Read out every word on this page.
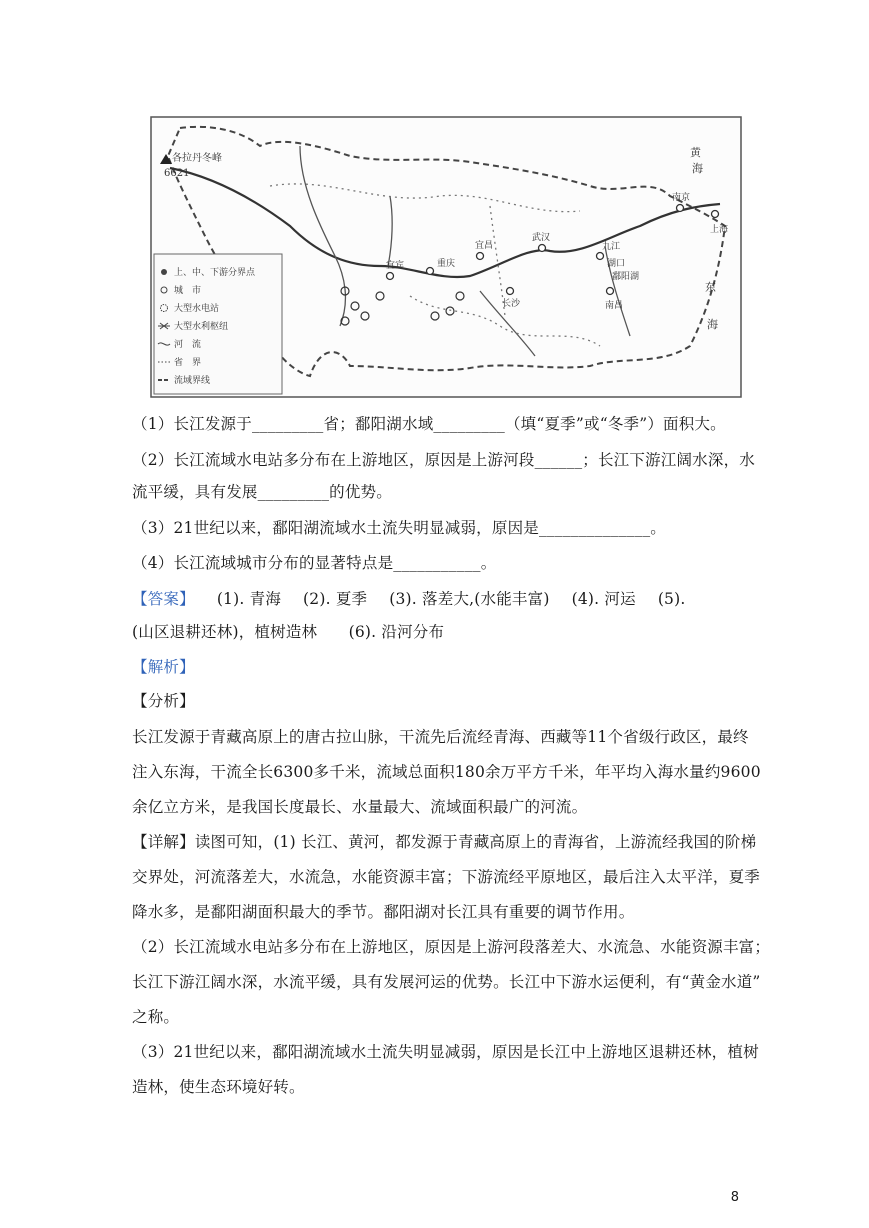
各拉丹冬峰
6621
宜宾	重庆
宜昌
武汉
九江
长沙	南昌
南京
上海
湖口
鄱阳湖
黄
海
东
海
上、中、下游分界点
城　市
大型水电站
大型水利枢纽
河　流
省　界
流域界线
（1）长江发源于_________省；鄱阳湖水域_________（填“夏季”或“冬季”）面积大。
（2）长江流域水电站多分布在上游地区，原因是上游河段______；长江下游江阔水深，水
流平缓，具有发展_________的优势。
（3）21世纪以来，鄱阳湖流域水土流失明显减弱，原因是______________。
（4）长江流域城市分布的显著特点是___________。
【答案】 (1). 青海 (2). 夏季 (3). 落差大,(水能丰富) (4). 河运 (5).
(山区退耕还林)，植树造林　　(6). 沿河分布
【解析】
【分析】
长江发源于青藏高原上的唐古拉山脉，干流先后流经青海、西藏等11个省级行政区，最终
注入东海，干流全长6300多千米，流域总面积180余万平方千米，年平均入海水量约9600
余亿立方米，是我国长度最长、水量最大、流域面积最广的河流。
【详解】读图可知，(1) 长江、黄河，都发源于青藏高原上的青海省，上游流经我国的阶梯
交界处，河流落差大，水流急，水能资源丰富；下游流经平原地区，最后注入太平洋，夏季
降水多，是鄱阳湖面积最大的季节。鄱阳湖对长江具有重要的调节作用。
（2）长江流域水电站多分布在上游地区，原因是上游河段落差大、水流急、水能资源丰富；
长江下游江阔水深，水流平缓，具有发展河运的优势。长江中下游水运便利，有“黄金水道”
之称。
（3）21世纪以来，鄱阳湖流域水土流失明显减弱，原因是长江中上游地区退耕还林，植树
造林，使生态环境好转。
8
